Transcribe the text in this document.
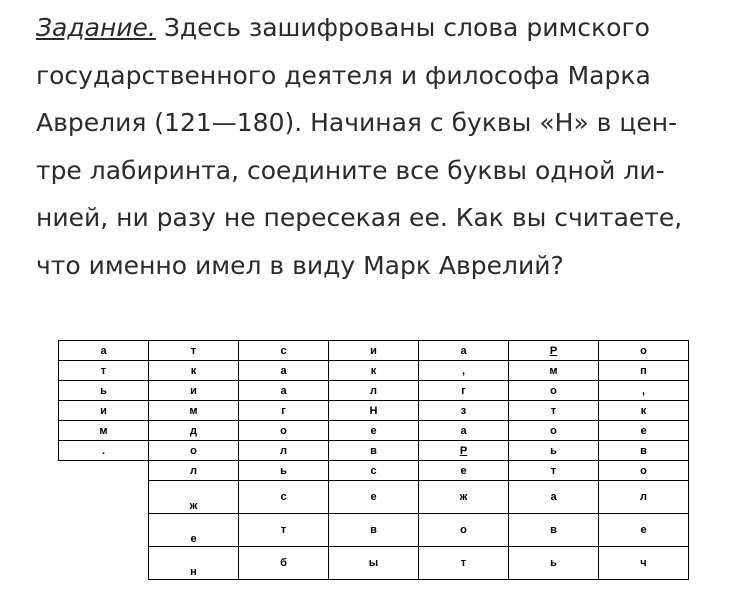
Задание. Здесь зашифрованы слова римского государственного деятеля и философа Марка Аврелия (121—180). Начиная с буквы «Н» в цен-тре лабиринта, соедините все буквы одной ли-нией, ни разу не пересекая ее. Как вы считаете, что именно имел в виду Марк Аврелий?

а	т	с	и	а	Р	о
т	к	а	к	,	м	п
ь	и	а	л	г	о	,
и	м	г	Н	з	т	к
м	д	о	е	а	о	е
.	о	л	в	Р	ь	в
	л	ь	с	е	т	о
	ж	с	е	ж	а	л
	е	т	в	о	в	е
	н	б	ы	т	ь	ч
